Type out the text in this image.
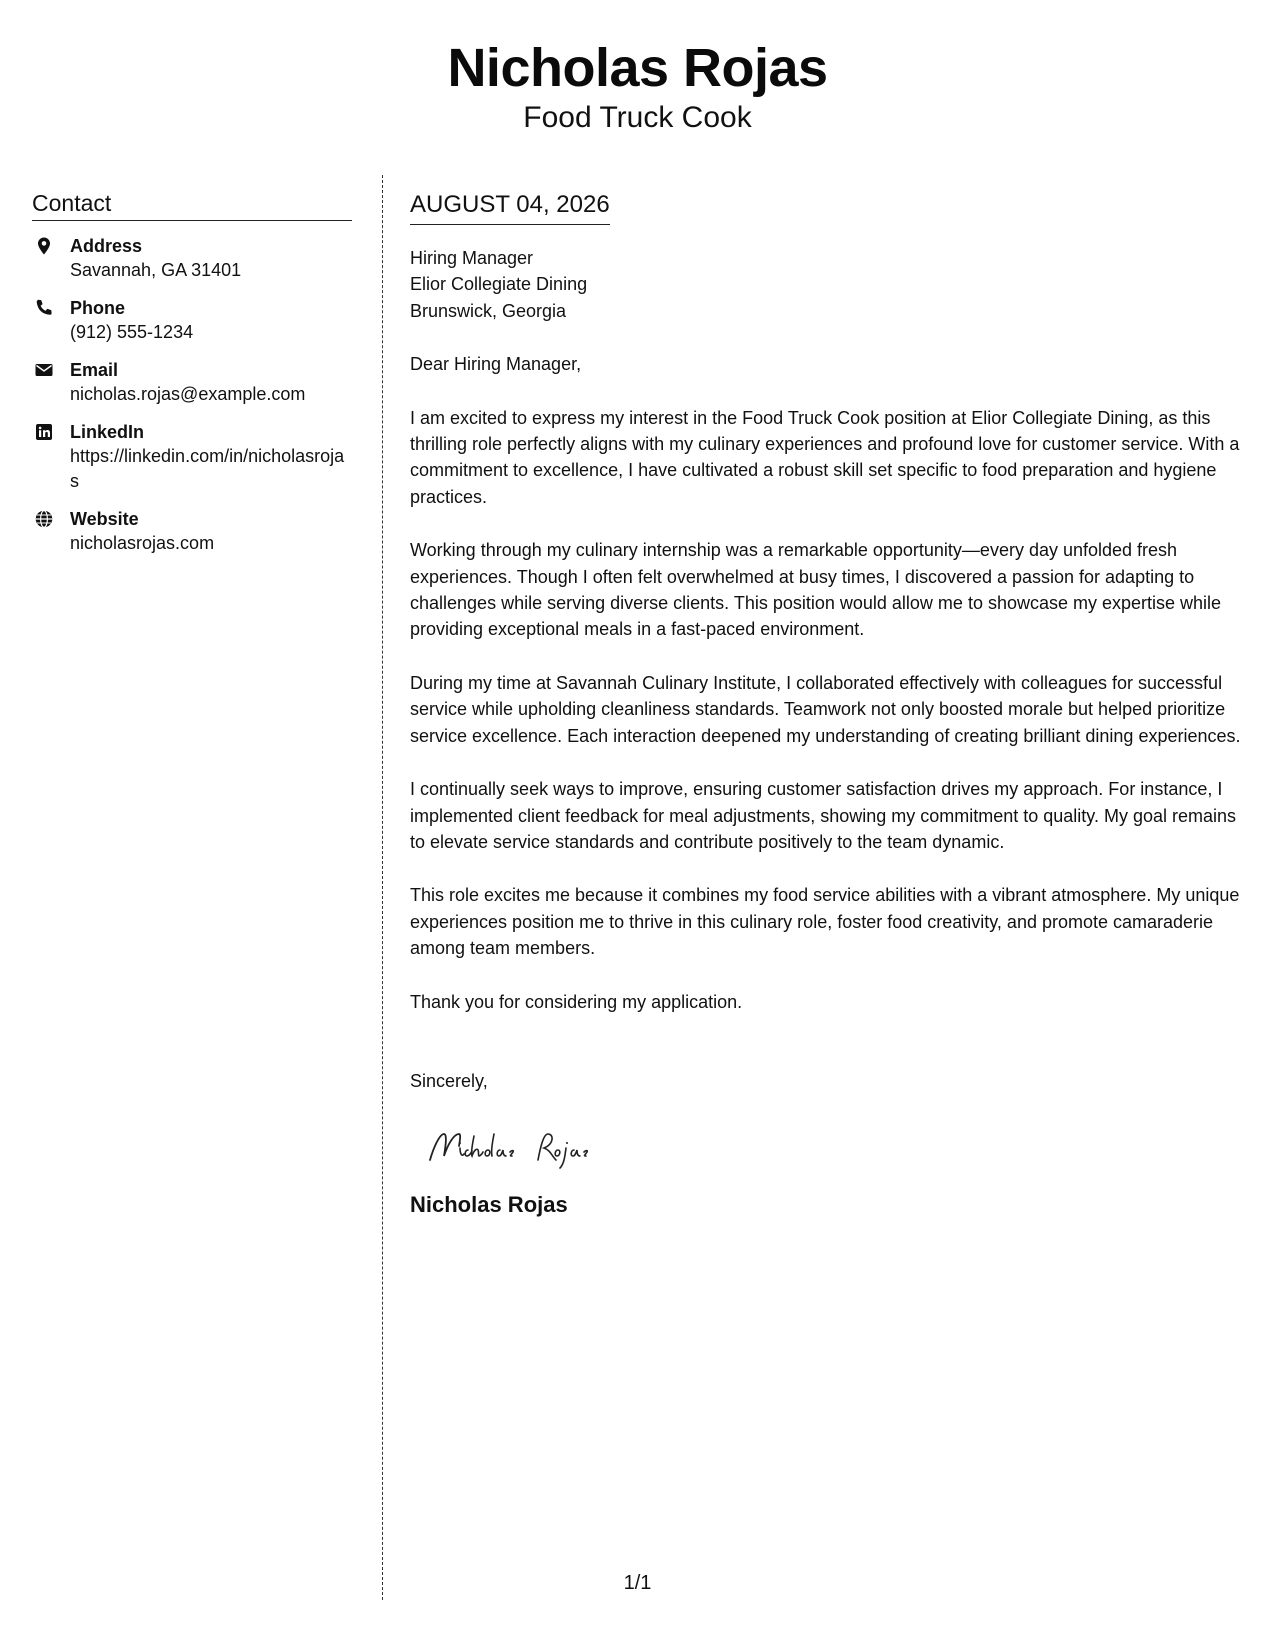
Nicholas Rojas
Food Truck Cook
Contact
Address
Savannah, GA 31401
Phone
(912) 555-1234
Email
nicholas.rojas@example.com
LinkedIn
https://linkedin.com/in/nicholasrojas
Website
nicholasrojas.com
AUGUST 04, 2026
Hiring Manager
Elior Collegiate Dining
Brunswick, Georgia
Dear Hiring Manager,
I am excited to express my interest in the Food Truck Cook position at Elior Collegiate Dining, as this thrilling role perfectly aligns with my culinary experiences and profound love for customer service. With a commitment to excellence, I have cultivated a robust skill set specific to food preparation and hygiene practices.
Working through my culinary internship was a remarkable opportunity—every day unfolded fresh experiences. Though I often felt overwhelmed at busy times, I discovered a passion for adapting to challenges while serving diverse clients. This position would allow me to showcase my expertise while providing exceptional meals in a fast-paced environment.
During my time at Savannah Culinary Institute, I collaborated effectively with colleagues for successful service while upholding cleanliness standards. Teamwork not only boosted morale but helped prioritize service excellence. Each interaction deepened my understanding of creating brilliant dining experiences.
I continually seek ways to improve, ensuring customer satisfaction drives my approach. For instance, I implemented client feedback for meal adjustments, showing my commitment to quality. My goal remains to elevate service standards and contribute positively to the team dynamic.
This role excites me because it combines my food service abilities with a vibrant atmosphere. My unique experiences position me to thrive in this culinary role, foster food creativity, and promote camaraderie among team members.
Thank you for considering my application.
Sincerely,
Nicholas Rojas
1/1
